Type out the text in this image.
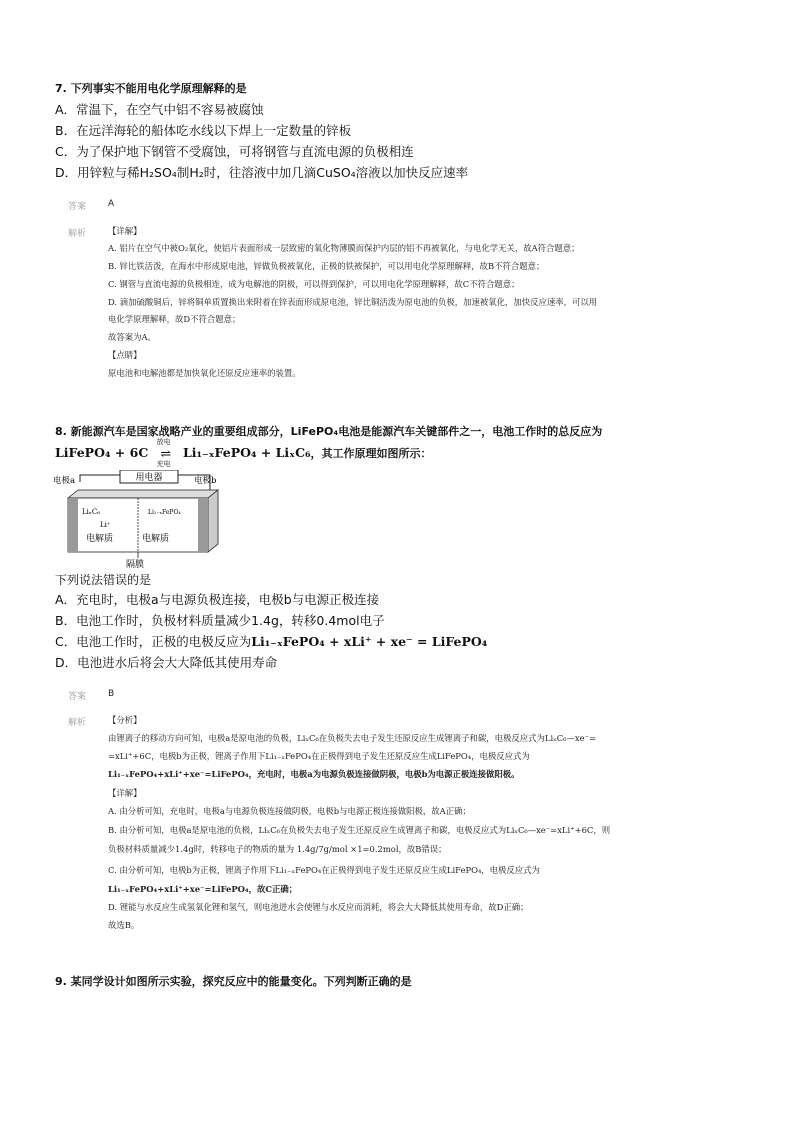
7. 下列事实不能用电化学原理解释的是
A．常温下，在空气中铝不容易被腐蚀
B．在远洋海轮的船体吃水线以下焊上一定数量的锌板
C．为了保护地下钢管不受腐蚀，可将钢管与直流电源的负极相连
D．用锌粒与稀H₂SO₄制H₂时，往溶液中加几滴CuSO₄溶液以加快反应速率
答案 A
解析	【详解】
A. 铝片在空气中被O₂氧化，使铝片表面形成一层致密的氧化物薄膜而保护内层的铝不再被氧化，与电化学无关，故A符合题意；
B. 锌比铁活泼，在海水中形成原电池，锌做负极被氧化，正极的铁被保护，可以用电化学原理解释，故B不符合题意；
C. 钢管与直流电源的负极相连，成为电解池的阴极，可以得到保护，可以用电化学原理解释，故C不符合题意；
D. 滴加硫酸铜后，锌将铜单质置换出来附着在锌表面形成原电池，锌比铜活泼为原电池的负极，加速被氧化，加快反应速率，可以用
电化学原理解释，故D不符合题意；
故答案为A。
【点睛】
原电池和电解池都是加快氧化还原反应速率的装置。
8. 新能源汽车是国家战略产业的重要组成部分，LiFePO₄电池是能源汽车关键部件之一，电池工作时的总反应为
LiFePO₄ + 6C
放电
⇌
充电
Li₁₋ₓFePO₄ + LiₓC₆，其工作原理如图所示：
用电器
电极a	电极b
LiₓC₆	Li₁₋ₓFePO₄
Li⁺
电解质	电解质
隔膜
下列说法错误的是
A．充电时，电极a与电源负极连接，电极b与电源正极连接
B．电池工作时，负极材料质量减少1.4g，转移0.4mol电子
C．电池工作时，正极的电极反应为Li₁₋ₓFePO₄ + xLi⁺ + xe⁻ = LiFePO₄
D．电池进水后将会大大降低其使用寿命
答案 B
解析	【分析】
由锂离子的移动方向可知，电极a是原电池的负极，LiₓC₆在负极失去电子发生还原反应生成锂离子和碳，电极反应式为LiₓC₆—xe⁻=
=xLi⁺+6C，电极b为正极，锂离子作用下Li₁₋ₓFePO₄在正极得到电子发生还原反应生成LiFePO₄，电极反应式为
Li₁₋ₓFePO₄+xLi⁺+xe⁻=LiFePO₄，充电时，电极a为电源负极连接做阴极，电极b为电源正极连接做阳极。
【详解】
A. 由分析可知，充电时，电极a与电源负极连接做阴极，电极b与电源正极连接做阳极，故A正确；
B. 由分析可知，电极a是原电池的负极，LiₓC₆在负极失去电子发生还原反应生成锂离子和碳，电极反应式为LiₓC₆—xe⁻=xLi⁺+6C，则
负极材料质量减少1.4g时，转移电子的物质的量为 1.4g/7g/mol ×1=0.2mol，故B错误；
C. 由分析可知，电极b为正极，锂离子作用下Li₁₋ₓFePO₄在正极得到电子发生还原反应生成LiFePO₄，电极反应式为
Li₁₋ₓFePO₄+xLi⁺+xe⁻=LiFePO₄，故C正确；
D. 锂能与水反应生成氢氧化锂和氢气，则电池进水会使锂与水反应而消耗，将会大大降低其使用寿命，故D正确；
故选B。
9. 某同学设计如图所示实验，探究反应中的能量变化。下列判断正确的是
